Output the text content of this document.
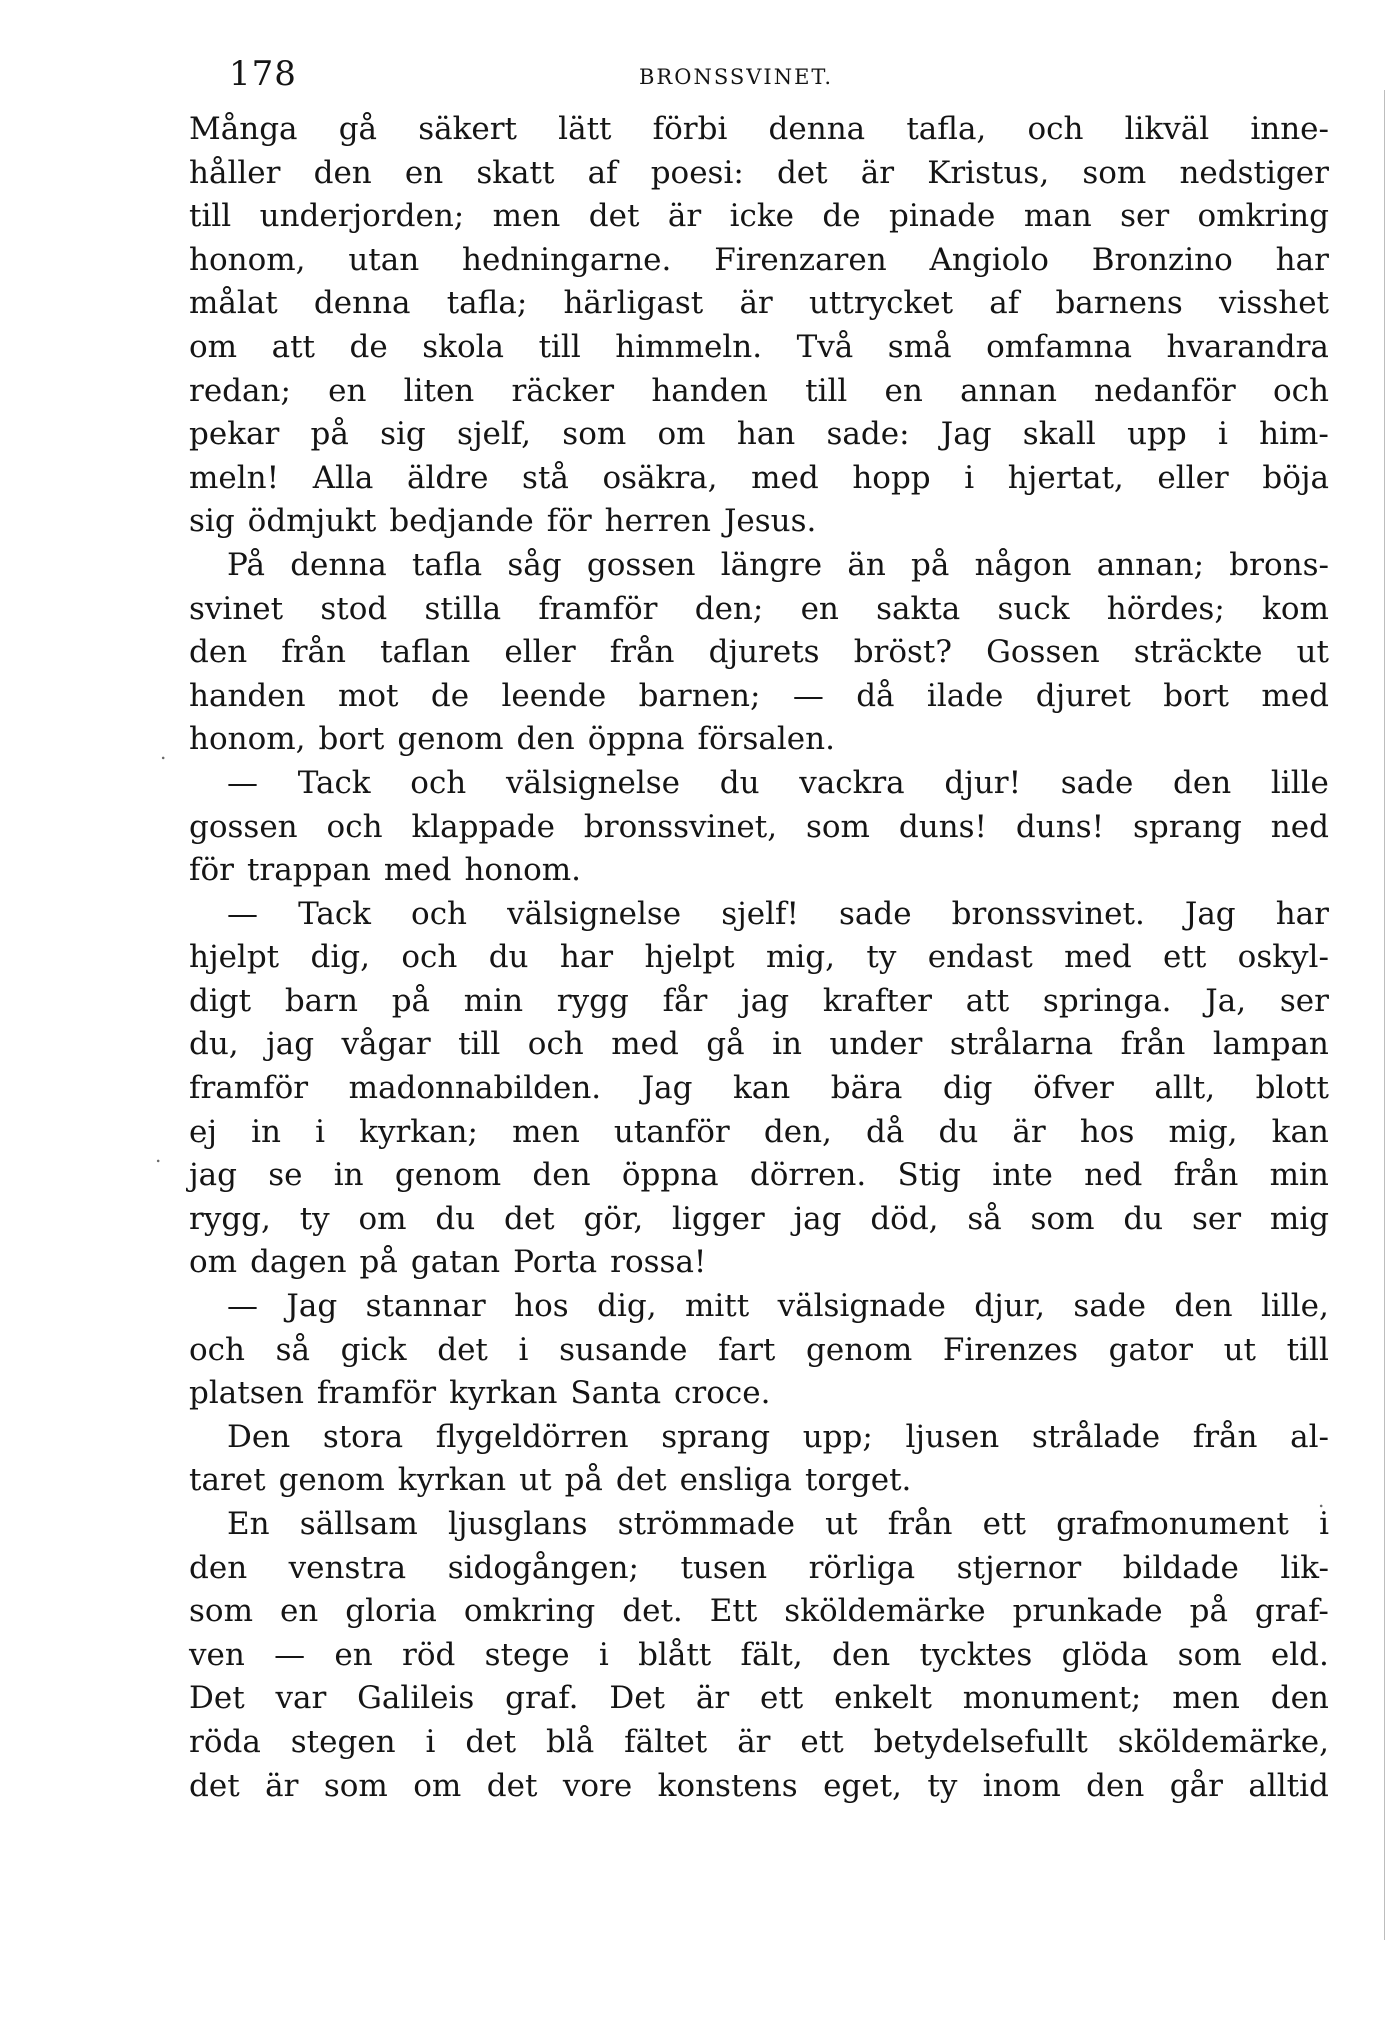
178	BRONSSVINET.
Många gå säkert lätt förbi denna tafla, och likväl inne-
håller den en skatt af poesi: det är Kristus, som nedstiger
till underjorden; men det är icke de pinade man ser omkring
honom, utan hedningarne. Firenzaren Angiolo Bronzino har
målat denna tafla; härligast är uttrycket af barnens visshet
om att de skola till himmeln. Två små omfamna hvarandra
redan; en liten räcker handen till en annan nedanför och
pekar på sig sjelf, som om han sade: Jag skall upp i him-
meln! Alla äldre stå osäkra, med hopp i hjertat, eller böja
sig ödmjukt bedjande för herren Jesus.
På denna tafla såg gossen längre än på någon annan; brons-
svinet stod stilla framför den; en sakta suck hördes; kom
den från taflan eller från djurets bröst? Gossen sträckte ut
handen mot de leende barnen; — då ilade djuret bort med
honom, bort genom den öppna försalen.
— Tack och välsignelse du vackra djur! sade den lille
gossen och klappade bronssvinet, som duns! duns! sprang ned
för trappan med honom.
— Tack och välsignelse sjelf! sade bronssvinet. Jag har
hjelpt dig, och du har hjelpt mig, ty endast med ett oskyl-
digt barn på min rygg får jag krafter att springa. Ja, ser
du, jag vågar till och med gå in under strålarna från lampan
framför madonnabilden. Jag kan bära dig öfver allt, blott
ej in i kyrkan; men utanför den, då du är hos mig, kan
jag se in genom den öppna dörren. Stig inte ned från min
rygg, ty om du det gör, ligger jag död, så som du ser mig
om dagen på gatan Porta rossa!
— Jag stannar hos dig, mitt välsignade djur, sade den lille,
och så gick det i susande fart genom Firenzes gator ut till
platsen framför kyrkan Santa croce.
Den stora flygeldörren sprang upp; ljusen strålade från al-
taret genom kyrkan ut på det ensliga torget.
En sällsam ljusglans strömmade ut från ett grafmonument i
den venstra sidogången; tusen rörliga stjernor bildade lik-
som en gloria omkring det. Ett sköldemärke prunkade på graf-
ven — en röd stege i blått fält, den tycktes glöda som eld.
Det var Galileis graf. Det är ett enkelt monument; men den
röda stegen i det blå fältet är ett betydelsefullt sköldemärke,
det är som om det vore konstens eget, ty inom den går alltid
.
.
.
